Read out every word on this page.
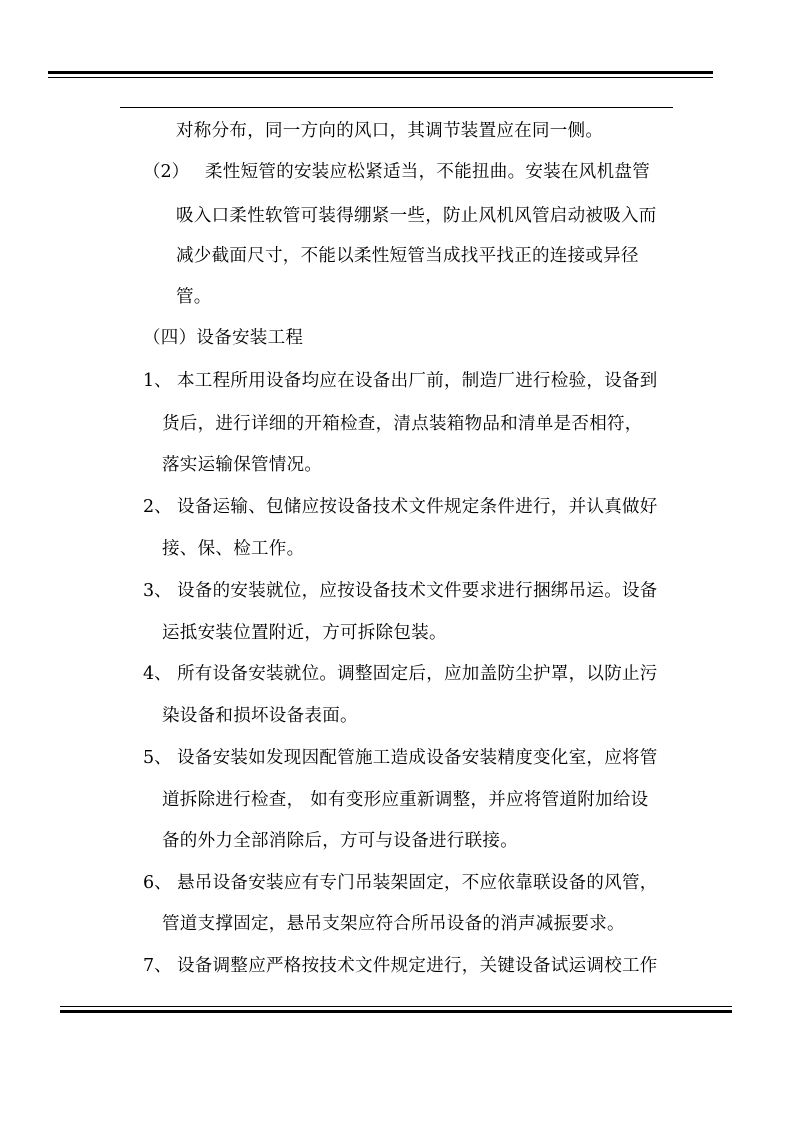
对称分布，同一方向的风口，其调节装置应在同一侧。
（2） 柔性短管的安装应松紧适当，不能扭曲。安装在风机盘管
吸入口柔性软管可装得绷紧一些，防止风机风管启动被吸入而
减少截面尺寸，不能以柔性短管当成找平找正的连接或异径
管。
（四）设备安装工程
1、 本工程所用设备均应在设备出厂前，制造厂进行检验，设备到
货后，进行详细的开箱检查，清点装箱物品和清单是否相符，
落实运输保管情况。
2、 设备运输、包储应按设备技术文件规定条件进行，并认真做好
接、保、检工作。
3、 设备的安装就位，应按设备技术文件要求进行捆绑吊运。设备
运抵安装位置附近，方可拆除包装。
4、 所有设备安装就位。调整固定后，应加盖防尘护罩，以防止污
染设备和损坏设备表面。
5、 设备安装如发现因配管施工造成设备安装精度变化室，应将管
道拆除进行检查， 如有变形应重新调整，并应将管道附加给设
备的外力全部消除后，方可与设备进行联接。
6、 悬吊设备安装应有专门吊装架固定，不应依靠联设备的风管，
管道支撑固定，悬吊支架应符合所吊设备的消声减振要求。
7、 设备调整应严格按技术文件规定进行，关键设备试运调校工作
